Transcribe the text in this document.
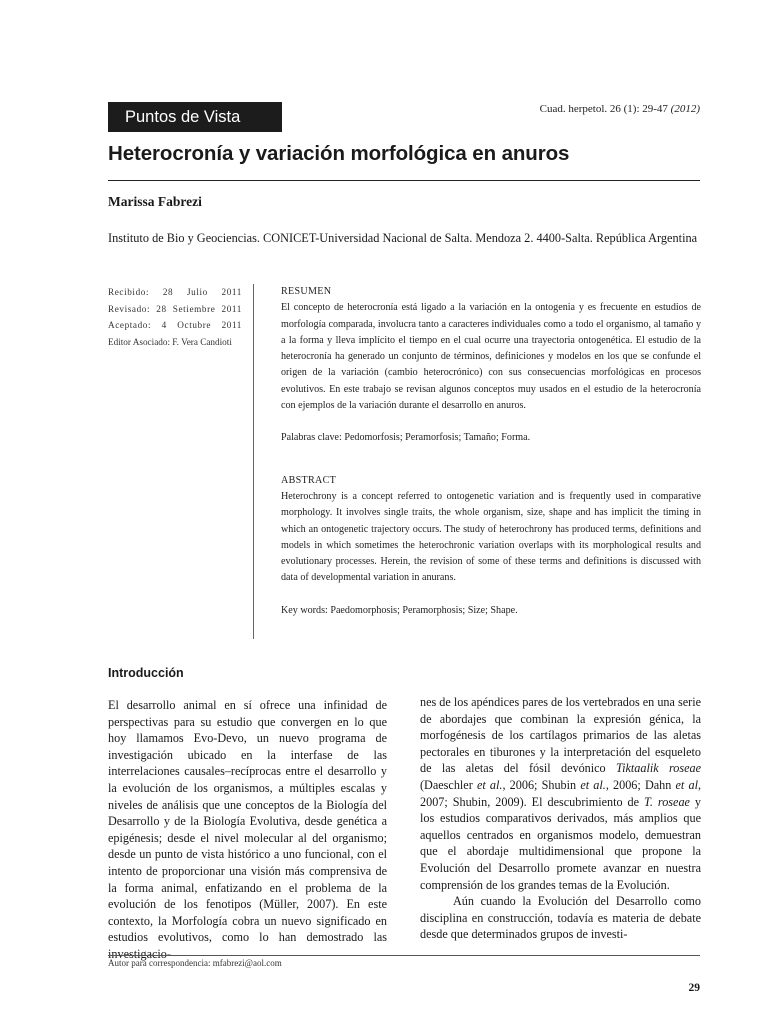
Puntos de Vista	Cuad. herpetol. 26 (1): 29-47 (2012)
Heterocronía y variación morfológica en anuros
Marissa Fabrezi
Instituto de Bio y Geociencias. CONICET-Universidad Nacional de Salta. Mendoza 2. 4400-Salta. República Argentina
Recibido: 28 Julio 2011
Revisado: 28 Setiembre 2011
Aceptado: 4 Octubre 2011
Editor Asociado: F. Vera Candioti
RESUMEN

El concepto de heterocronía está ligado a la variación en la ontogenia y es frecuente en estudios de morfología comparada, involucra tanto a caracteres individuales como a todo el organismo, al tamaño y a la forma y lleva implícito el tiempo en el cual ocurre una trayectoria ontogenética. El estudio de la heterocronía ha generado un conjunto de términos, definiciones y modelos en los que se confunde el origen de la variación (cambio heterocrónico) con sus consecuencias morfológicas en procesos evolutivos. En este trabajo se revisan algunos conceptos muy usados en el estudio de la heterocronía con ejemplos de la variación durante el desarrollo en anuros.

Palabras clave: Pedomorfosis; Peramorfosis; Tamaño; Forma.

ABSTRACT

Heterochrony is a concept referred to ontogenetic variation and is frequently used in comparative morphology. It involves single traits, the whole organism, size, shape and has implicit the timing in which an ontogenetic trajectory occurs. The study of heterochrony has produced terms, definitions and models in which sometimes the heterochronic variation overlaps with its morphological results and evolutionary processes. Herein, the revision of some of these terms and definitions is discussed with data of developmental variation in anurans.

Key words: Paedomorphosis; Peramorphosis; Size; Shape.

Introducción
El desarrollo animal en sí ofrece una infinidad de perspectivas para su estudio que convergen en lo que hoy llamamos Evo-Devo, un nuevo programa de investigación ubicado en la interfase de las interrelaciones causales–recíprocas entre el desarrollo y la evolución de los organismos, a múltiples escalas y niveles de análisis que une conceptos de la Biología del Desarrollo y de la Biología Evolutiva, desde genética a epigénesis; desde el nivel molecular al del organismo; desde un punto de vista histórico a uno funcional, con el intento de proporcionar una visión más comprensiva de la forma animal, enfatizando en el problema de la evolución de los fenotipos (Müller, 2007). En este contexto, la Morfología cobra un nuevo significado en estudios evolutivos, como lo han demostrado las investigacio-

nes de los apéndices pares de los vertebrados en una serie de abordajes que combinan la expresión génica, la morfogénesis de los cartílagos primarios de las aletas pectorales en tiburones y la interpretación del esqueleto de las aletas del fósil devónico Tiktaalik roseae (Daeschler et al., 2006; Shubin et al., 2006; Dahn et al, 2007; Shubin, 2009). El descubrimiento de T. roseae y los estudios comparativos derivados, más amplios que aquellos centrados en organismos modelo, demuestran que el abordaje multidimensional que propone la Evolución del Desarrollo promete avanzar en nuestra comprensión de los grandes temas de la Evolución.

Aún cuando la Evolución del Desarrollo como disciplina en construcción, todavía es materia de debate desde que determinados grupos de investi-

Autor para correspondencia: mfabrezi@aol.com
29
